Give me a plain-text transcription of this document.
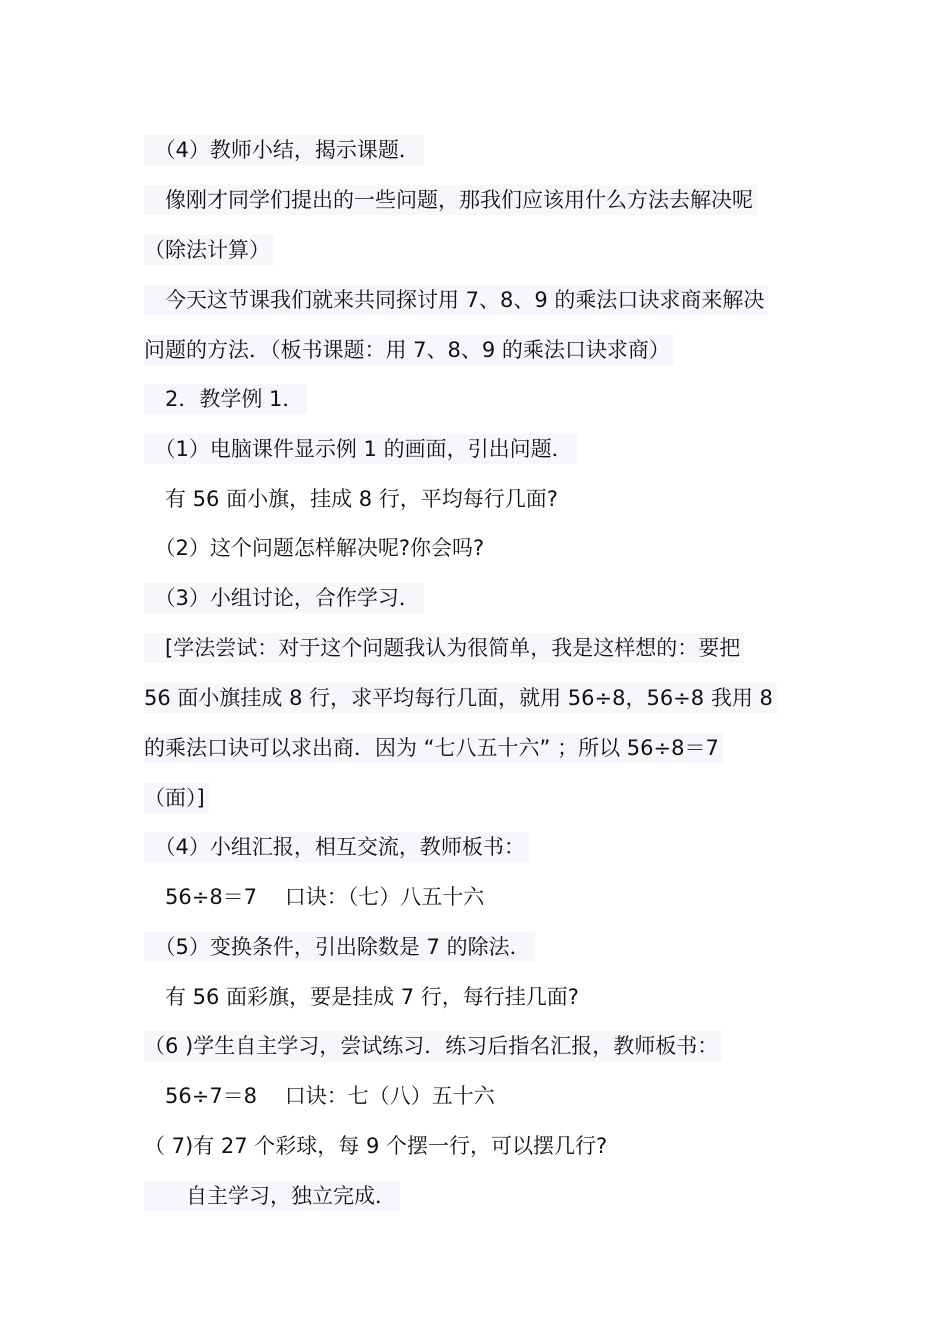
　（4）教师小结，揭示课题．
　像刚才同学们提出的一些问题，那我们应该用什么方法去解决呢
（除法计算）
　今天这节课我们就来共同探讨用 7、8、9 的乘法口诀求商来解决
问题的方法．（板书课题：用 7、8、9 的乘法口诀求商）
　2．教学例 1．
　（1）电脑课件显示例 1 的画面，引出问题．
　有 56 面小旗，挂成 8 行，平均每行几面?
　（2）这个问题怎样解决呢?你会吗?
　（3）小组讨论，合作学习．
　[学法尝试：对于这个问题我认为很简单，我是这样想的：要把
56 面小旗挂成 8 行，求平均每行几面，就用 56÷8，56÷8 我用 8
的乘法口诀可以求出商．因为 “七八五十六” ；所以 56÷8＝7
（面）]
　（4）小组汇报，相互交流，教师板书：
　56÷8＝7　 口诀：（七）八五十六
　（5）变换条件，引出除数是 7 的除法．
　有 56 面彩旗，要是挂成 7 行，每行挂几面?
（6 )学生自主学习，尝试练习．练习后指名汇报，教师板书：
　56÷7＝8　 口诀：七（八）五十六
（ 7)有 27 个彩球，每 9 个摆一行，可以摆几行?
　　自主学习，独立完成．
